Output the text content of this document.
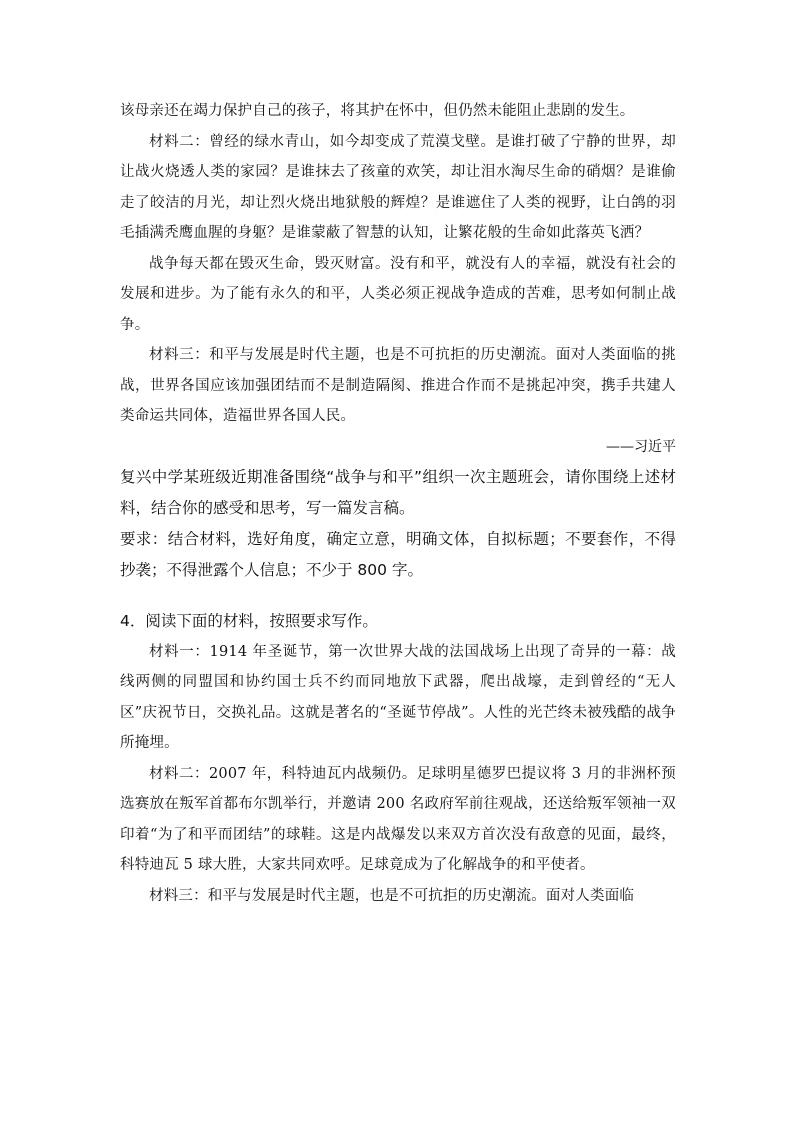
该母亲还在竭力保护自己的孩子，将其护在怀中，但仍然未能阻止悲剧的发生。

材料二：曾经的绿水青山，如今却变成了荒漠戈壁。是谁打破了宁静的世界，却让战火烧透人类的家园？是谁抹去了孩童的欢笑，却让泪水淘尽生命的硝烟？是谁偷走了皎洁的月光，却让烈火烧出地狱般的辉煌？是谁遮住了人类的视野，让白鸽的羽毛插满秃鹰血腥的身躯？是谁蒙蔽了智慧的认知，让繁花般的生命如此落英飞洒？

战争每天都在毁灭生命，毁灭财富。没有和平，就没有人的幸福，就没有社会的发展和进步。为了能有永久的和平，人类必须正视战争造成的苦难，思考如何制止战争。

材料三：和平与发展是时代主题，也是不可抗拒的历史潮流。面对人类面临的挑战，世界各国应该加强团结而不是制造隔阂、推进合作而不是挑起冲突，携手共建人类命运共同体，造福世界各国人民。

——习近平

复兴中学某班级近期准备围绕“战争与和平”组织一次主题班会，请你围绕上述材料，结合你的感受和思考，写一篇发言稿。

要求：结合材料，选好角度，确定立意，明确文体，自拟标题；不要套作，不得抄袭；不得泄露个人信息；不少于 800 字。

4．阅读下面的材料，按照要求写作。

材料一：1914 年圣诞节，第一次世界大战的法国战场上出现了奇异的一幕：战线两侧的同盟国和协约国士兵不约而同地放下武器，爬出战壕，走到曾经的“无人区”庆祝节日，交换礼品。这就是著名的“圣诞节停战”。人性的光芒终未被残酷的战争所掩埋。

材料二：2007 年，科特迪瓦内战频仍。足球明星德罗巴提议将 3 月的非洲杯预选赛放在叛军首都布尔凯举行，并邀请 200 名政府军前往观战，还送给叛军领袖一双印着“为了和平而团结”的球鞋。这是内战爆发以来双方首次没有敌意的见面，最终，科特迪瓦 5 球大胜，大家共同欢呼。足球竟成为了化解战争的和平使者。

材料三：和平与发展是时代主题，也是不可抗拒的历史潮流。面对人类面临
